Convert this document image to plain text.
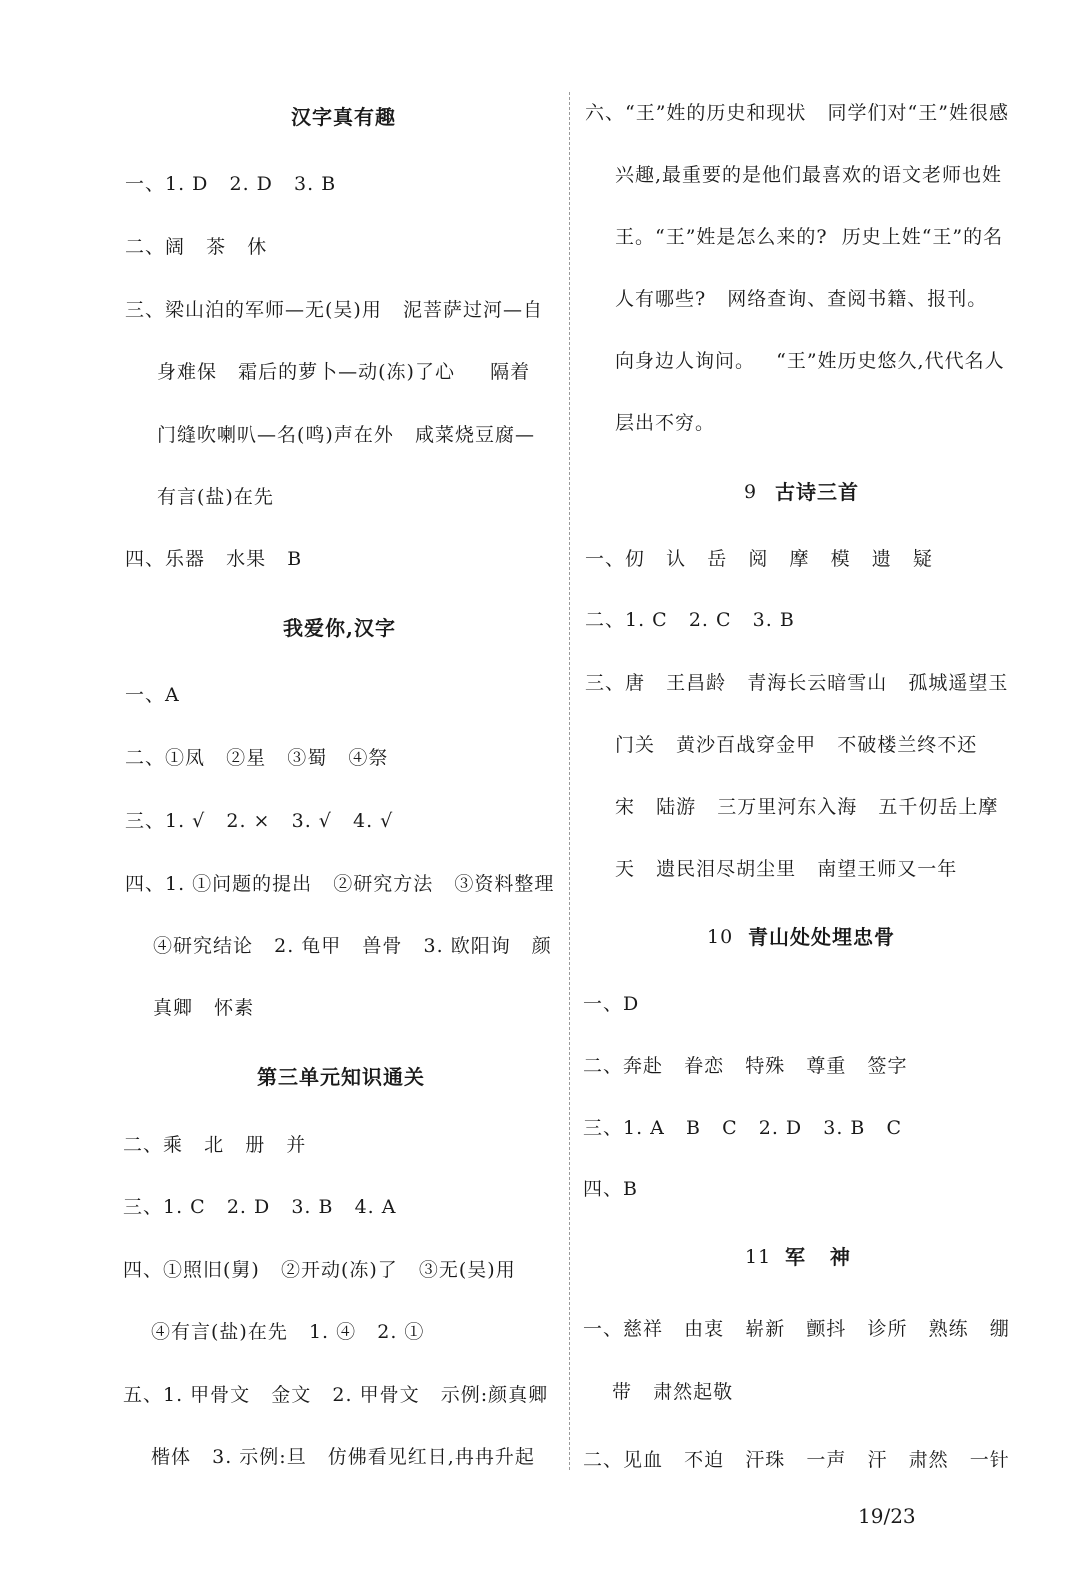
汉字真有趣
一、1. D   2. D   3. B
二、阔   茶   休
三、梁山泊的军师—无(吴)用   泥菩萨过河—自
身难保   霜后的萝卜—动(冻)了心     隔着
门缝吹喇叭—名(鸣)声在外   咸菜烧豆腐—
有言(盐)在先
四、乐器   水果   B
我爱你,汉字
一、A
二、①凤   ②星   ③蜀   ④祭
三、1. √   2. ×   3. √   4. √
四、1. ①问题的提出   ②研究方法   ③资料整理
④研究结论   2. 龟甲   兽骨   3. 欧阳询   颜
真卿   怀素
第三单元知识通关
二、乘   北   册   并
三、1. C   2. D   3. B   4. A
四、①照旧(舅)   ②开动(冻)了   ③无(吴)用
④有言(盐)在先   1. ④   2. ①
五、1. 甲骨文   金文   2. 甲骨文   示例:颜真卿
楷体   3. 示例:旦   仿佛看见红日,冉冉升起
六、“王”姓的历史和现状   同学们对“王”姓很感
兴趣,最重要的是他们最喜欢的语文老师也姓
王。“王”姓是怎么来的?  历史上姓“王”的名
人有哪些?   网络查询、查阅书籍、报刊。
向身边人询问。   “王”姓历史悠久,代代名人
层出不穷。
9 古诗三首
一、仞   认   岳   阅   摩   模   遗   疑
二、1. C   2. C   3. B
三、唐   王昌龄   青海长云暗雪山   孤城遥望玉
门关   黄沙百战穿金甲   不破楼兰终不还
宋   陆游   三万里河东入海   五千仞岳上摩
天   遗民泪尽胡尘里   南望王师又一年
10 青山处处埋忠骨
一、D
二、奔赴   眷恋   特殊   尊重   签字
三、1. A   B   C   2. D   3. B   C
四、B
11 军   神
一、慈祥   由衷   崭新   颤抖   诊所   熟练   绷
带   肃然起敬
二、见血   不迫   汗珠   一声   汗   肃然   一针
19/23
